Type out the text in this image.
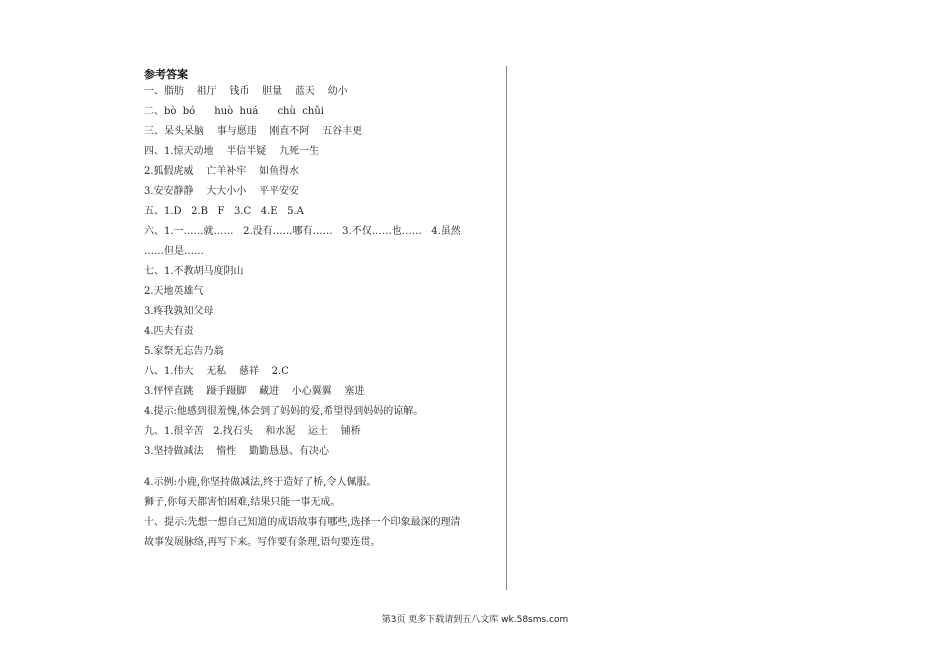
参考答案
一、脂肪    祖厅    钱币    胆量    蓝天    幼小
二、bò  bó      huò  huá      chù  chǔi
三、呆头呆脑    事与愿违    刚直不阿    五谷丰更
四、1.惊天动地    半信半疑    九死一生
2.狐假虎威    亡羊补牢    如鱼得水
3.安安静静    大大小小    平平安安
五、1.D   2.B   F   3.C   4.E   5.A
六、1.一……就……   2.没有……哪有……   3.不仅……也……   4.虽然
……但是……
七、1.不教胡马度阴山
2.天地英雄气
3.疼我孰知父母
4.匹夫有责
5.家祭无忘告乃翁
八、1.伟大    无私    慈祥    2.C
3.怦怦直跳    蹑手蹑脚    藏进    小心翼翼    塞进
4.提示:他感到很羞愧,体会到了妈妈的爱,希望得到妈妈的谅解。
九、1.很辛苦   2.找石头    和水泥    运土    铺桥
3.坚持做减法    惰性    勤勤恳恳、有决心
4.示例:小鹿,你坚持做减法,终于造好了桥,令人佩服。
狮子,你每天都害怕困难,结果只能一事无成。
十、提示:先想一想自己知道的成语故事有哪些,选择一个印象最深的理清
故事发展脉络,再写下来。写作要有条理,语句要连贯。
第3页 更多下载请到五八文库 wk.58sms.com
